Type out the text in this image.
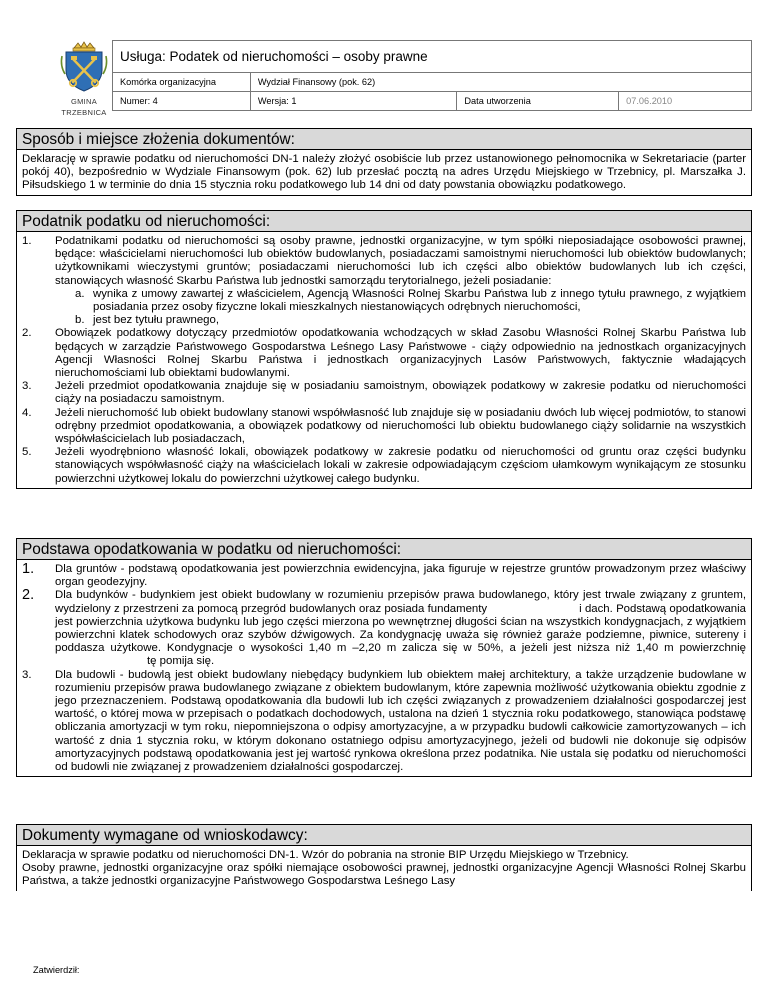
GMINA
TRZEBNICA
Usługa: Podatek od nieruchomości – osoby prawne			
Komórka organizacyjna	Wydział Finansowy (pok. 62)		
Numer: 4	Wersja: 1	Data utworzenia	07.06.2010
Sposób i miejsce złożenia dokumentów:

Deklarację w sprawie podatku od nieruchomości DN-1 należy złożyć osobiście lub przez ustanowionego pełnomocnika w Sekretariacie (parter pokój 40), bezpośrednio w Wydziale Finansowym (pok. 62) lub przesłać pocztą na adres Urzędu Miejskiego w Trzebnicy, pl. Marszałka J. Piłsudskiego 1 w terminie do dnia 15 stycznia roku podatkowego lub 14 dni od daty powstania obowiązku podatkowego.

Podatnik podatku od nieruchomości:
1. Podatnikami podatku od nieruchomości są osoby prawne, jednostki organizacyjne, w tym spółki nieposiadające osobowości prawnej, będące: właścicielami nieruchomości lub obiektów budowlanych, posiadaczami samoistnymi nieruchomości lub obiektów budowlanych; użytkownikami wieczystymi gruntów; posiadaczami nieruchomości lub ich części albo obiektów budowlanych lub ich części, stanowiących własność Skarbu Państwa lub jednostki samorządu terytorialnego, jeżeli posiadanie:
a. wynika z umowy zawartej z właścicielem, Agencją Własności Rolnej Skarbu Państwa lub z innego tytułu prawnego, z wyjątkiem posiadania przez osoby fizyczne lokali mieszkalnych niestanowiących odrębnych nieruchomości,
b. jest bez tytułu prawnego,
2. Obowiązek podatkowy dotyczący przedmiotów opodatkowania wchodzących w skład Zasobu Własności Rolnej Skarbu Państwa lub będących w zarządzie Państwowego Gospodarstwa Leśnego Lasy Państwowe - ciąży odpowiednio na jednostkach organizacyjnych Agencji Własności Rolnej Skarbu Państwa i jednostkach organizacyjnych Lasów Państwowych, faktycznie władających nieruchomościami lub obiektami budowlanymi.
3. Jeżeli przedmiot opodatkowania znajduje się w posiadaniu samoistnym, obowiązek podatkowy w zakresie podatku od nieruchomości ciąży na posiadaczu samoistnym.
4. Jeżeli nieruchomość lub obiekt budowlany stanowi współwłasność lub znajduje się w posiadaniu dwóch lub więcej podmiotów, to stanowi odrębny przedmiot opodatkowania, a obowiązek podatkowy od nieruchomości lub obiektu budowlanego ciąży solidarnie na wszystkich współwłaścicielach lub posiadaczach,
5. Jeżeli wyodrębniono własność lokali, obowiązek podatkowy w zakresie podatku od nieruchomości od gruntu oraz części budynku stanowiących współwłasność ciąży na właścicielach lokali w zakresie odpowiadającym częściom ułamkowym wynikającym ze stosunku powierzchni użytkowej lokalu do powierzchni użytkowej całego budynku.
Podstawa opodatkowania w podatku od nieruchomości:
1. Dla gruntów - podstawą opodatkowania jest powierzchnia ewidencyjna, jaka figuruje w rejestrze gruntów prowadzonym przez właściwy organ geodezyjny.
2. Dla budynków - budynkiem jest obiekt budowlany w rozumieniu przepisów prawa budowlanego, który jest trwale związany z gruntem, wydzielony z przestrzeni za pomocą przegród budowlanych oraz posiada fundamenty	i dach. Podstawą opodatkowania jest powierzchnia użytkowa budynku lub jego części mierzona po wewnętrznej długości ścian na wszystkich kondygnacjach, z wyjątkiem powierzchni klatek schodowych oraz szybów dźwigowych. Za kondygnację uważa się również garaże podziemne, piwnice, sutereny i poddasza użytkowe. Kondygnacje o wysokości 1,40 m –2,20 m zalicza się w 50%, a jeżeli jest niższa niż 1,40 m powierzchniętę pomija się.
3. Dla budowli - budowlą jest obiekt budowlany niebędący budynkiem lub obiektem małej architektury, a także urządzenie budowlane w rozumieniu przepisów prawa budowlanego związane z obiektem budowlanym, które zapewnia możliwość użytkowania obiektu zgodnie z jego przeznaczeniem. Podstawą opodatkowania dla budowli lub ich części związanych z prowadzeniem działalności gospodarczej jest wartość, o której mowa w przepisach o podatkach dochodowych, ustalona na dzień 1 stycznia roku podatkowego, stanowiąca podstawę obliczania amortyzacji w tym roku, niepomniejszona o odpisy amortyzacyjne, a w przypadku budowli całkowicie zamortyzowanych – ich wartość z dnia 1 stycznia roku, w którym dokonano ostatniego odpisu amortyzacyjnego, jeżeli od budowli nie dokonuje się odpisów amortyzacyjnych podstawą opodatkowania jest jej wartość rynkowa określona przez podatnika. Nie ustala się podatku od nieruchomości od budowli nie związanej z prowadzeniem działalności gospodarczej.
Dokumenty wymagane od wnioskodawcy:

Deklaracja w sprawie podatku od nieruchomości DN-1. Wzór do pobrania na stronie BIP Urzędu Miejskiego w Trzebnicy.

Osoby prawne, jednostki organizacyjne oraz spółki niemające osobowości prawnej, jednostki organizacyjne Agencji Własności Rolnej Skarbu Państwa, a także jednostki organizacyjne Państwowego Gospodarstwa Leśnego Lasy

Zatwierdził:
